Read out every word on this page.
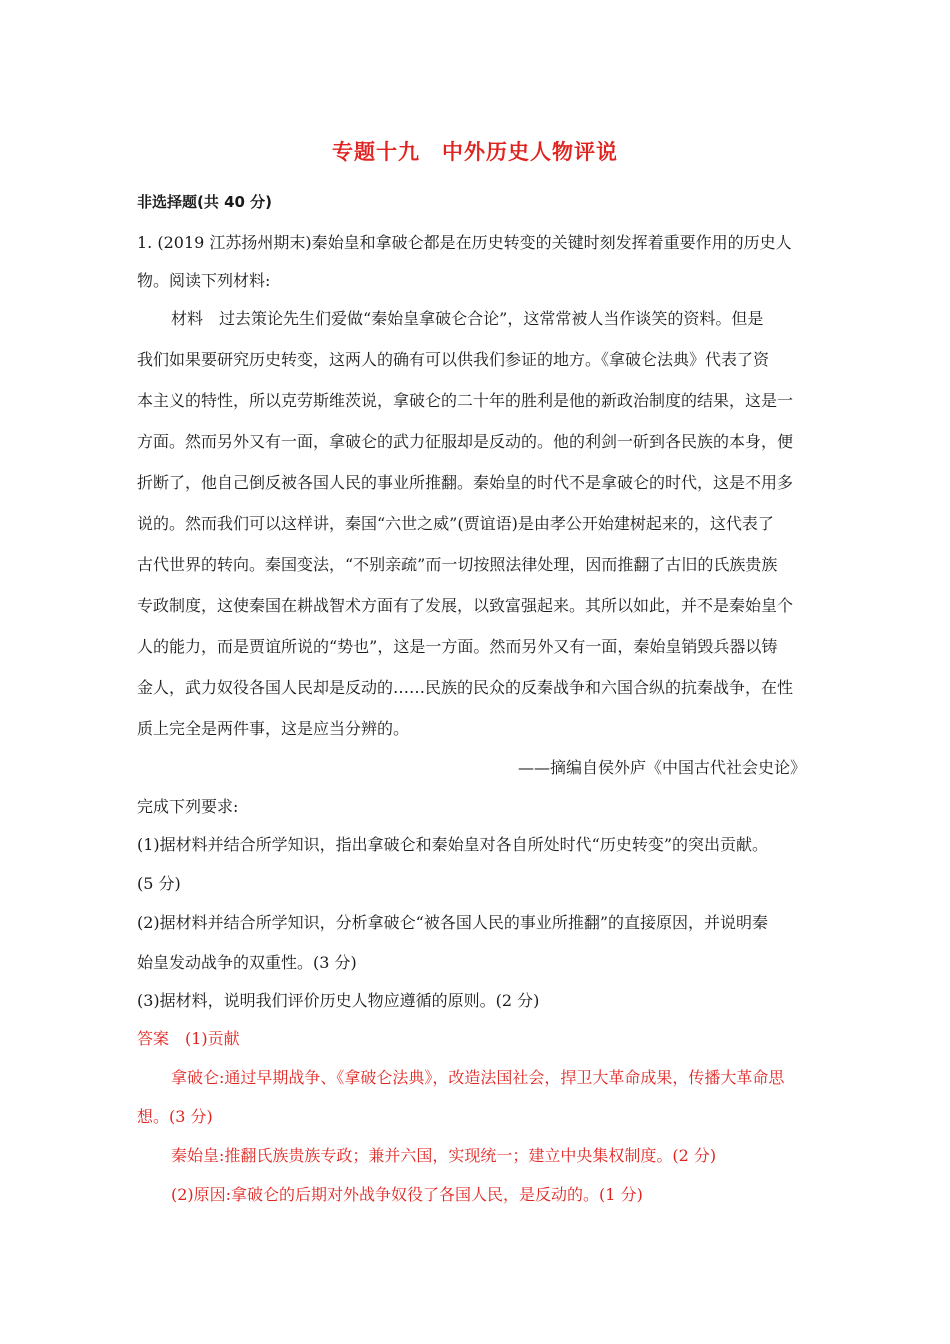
专题十九　中外历史人物评说
非选择题(共 40 分)
1. (2019 江苏扬州期末)秦始皇和拿破仑都是在历史转变的关键时刻发挥着重要作用的历史人
物。阅读下列材料:
材料　过去策论先生们爱做“秦始皇拿破仑合论”，这常常被人当作谈笑的资料。但是
我们如果要研究历史转变，这两人的确有可以供我们参证的地方。《拿破仑法典》代表了资
本主义的特性，所以克劳斯维茨说，拿破仑的二十年的胜利是他的新政治制度的结果，这是一
方面。然而另外又有一面，拿破仑的武力征服却是反动的。他的利剑一斫到各民族的本身，便
折断了，他自己倒反被各国人民的事业所推翻。秦始皇的时代不是拿破仑的时代，这是不用多
说的。然而我们可以这样讲，秦国“六世之威”(贾谊语)是由孝公开始建树起来的，这代表了
古代世界的转向。秦国变法，“不别亲疏”而一切按照法律处理，因而推翻了古旧的氏族贵族
专政制度，这使秦国在耕战智术方面有了发展，以致富强起来。其所以如此，并不是秦始皇个
人的能力，而是贾谊所说的“势也”，这是一方面。然而另外又有一面，秦始皇销毁兵器以铸
金人，武力奴役各国人民却是反动的……民族的民众的反秦战争和六国合纵的抗秦战争，在性
质上完全是两件事，这是应当分辨的。
——摘编自侯外庐《中国古代社会史论》
完成下列要求:
(1)据材料并结合所学知识，指出拿破仑和秦始皇对各自所处时代“历史转变”的突出贡献。
(5 分)
(2)据材料并结合所学知识，分析拿破仑“被各国人民的事业所推翻”的直接原因，并说明秦
始皇发动战争的双重性。(3 分)
(3)据材料，说明我们评价历史人物应遵循的原则。(2 分)
答案　(1)贡献
拿破仑:通过早期战争、《拿破仑法典》，改造法国社会，捍卫大革命成果，传播大革命思
想。(3 分)
秦始皇:推翻氏族贵族专政；兼并六国，实现统一；建立中央集权制度。(2 分)
(2)原因:拿破仑的后期对外战争奴役了各国人民，是反动的。(1 分)
